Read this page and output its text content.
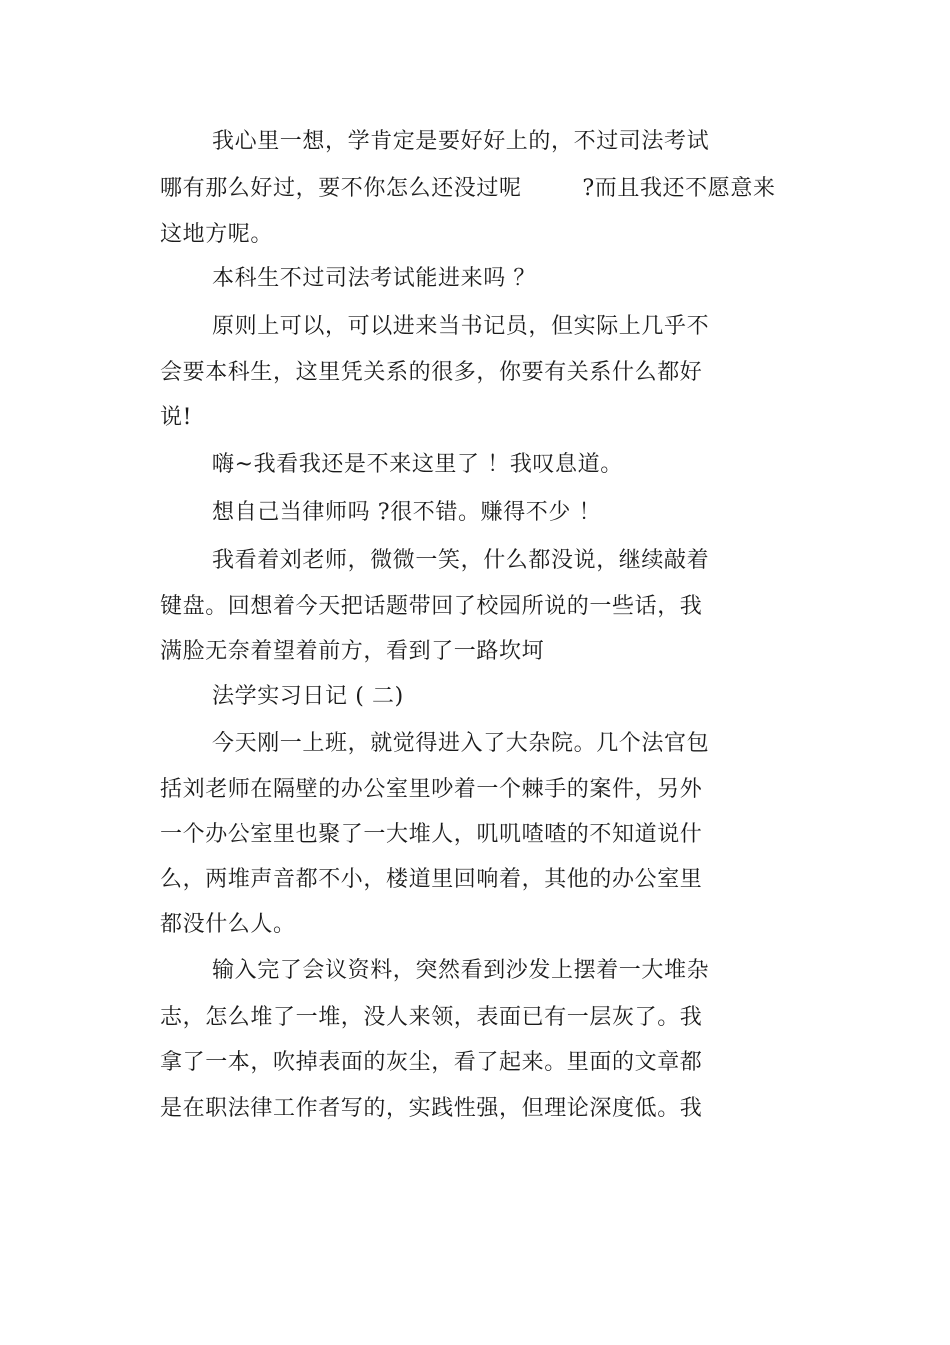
我心里一想，学肯定是要好好上的，不过司法考试
哪有那么好过，要不你怎么还没过呢        ?而且我还不愿意来
这地方呢。
本科生不过司法考试能进来吗 ？
原则上可以，可以进来当书记员，但实际上几乎不
会要本科生，这里凭关系的很多，你要有关系什么都好
说!
嗨~我看我还是不来这里了 ！我叹息道。
想自己当律师吗 ?很不错。赚得不少 ！
我看着刘老师，微微一笑，什么都没说，继续敲着
键盘。回想着今天把话题带回了校园所说的一些话，我
满脸无奈着望着前方，看到了一路坎坷
法学实习日记 ( 二)
今天刚一上班，就觉得进入了大杂院。几个法官包
括刘老师在隔壁的办公室里吵着一个棘手的案件，另外
一个办公室里也聚了一大堆人，叽叽喳喳的不知道说什
么，两堆声音都不小，楼道里回响着，其他的办公室里
都没什么人。
输入完了会议资料，突然看到沙发上摆着一大堆杂
志，怎么堆了一堆，没人来领，表面已有一层灰了。我
拿了一本，吹掉表面的灰尘，看了起来。里面的文章都
是在职法律工作者写的，实践性强，但理论深度低。我
